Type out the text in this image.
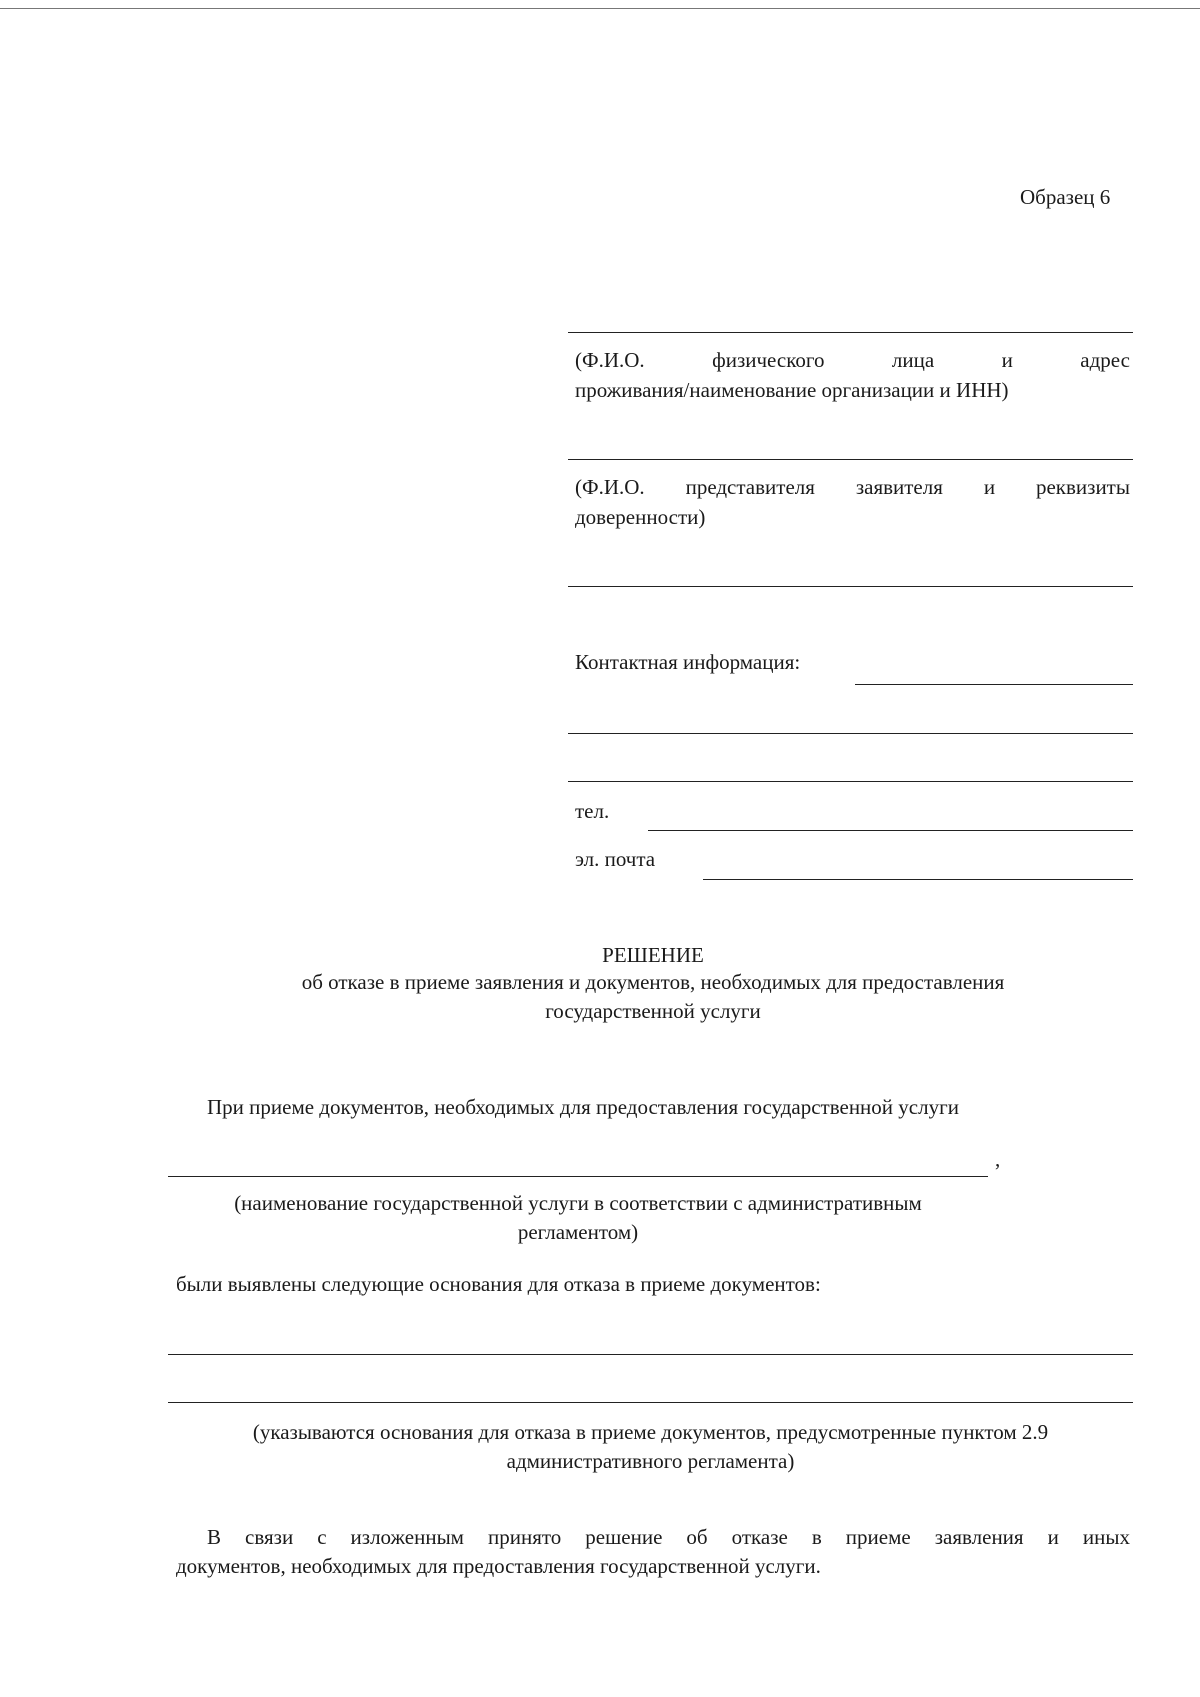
Образец 6
(Ф.И.О.	физического	лица	и	адрес
проживания/наименование организации и ИНН)
(Ф.И.О. представителя заявителя и реквизиты
доверенности)
Контактная информация:
тел.
эл. почта
РЕШЕНИЕ
об отказе в приеме заявления и документов, необходимых для предоставления
государственной услуги
При приеме документов, необходимых для предоставления государственной услуги
,
(наименование государственной услуги в соответствии с административным
регламентом)
были выявлены следующие основания для отказа в приеме документов:
(указываются основания для отказа в приеме документов, предусмотренные пунктом 2.9
административного регламента)
В связи с изложенным принято решение об отказе в приеме заявления и иных
документов, необходимых для предоставления государственной услуги.
